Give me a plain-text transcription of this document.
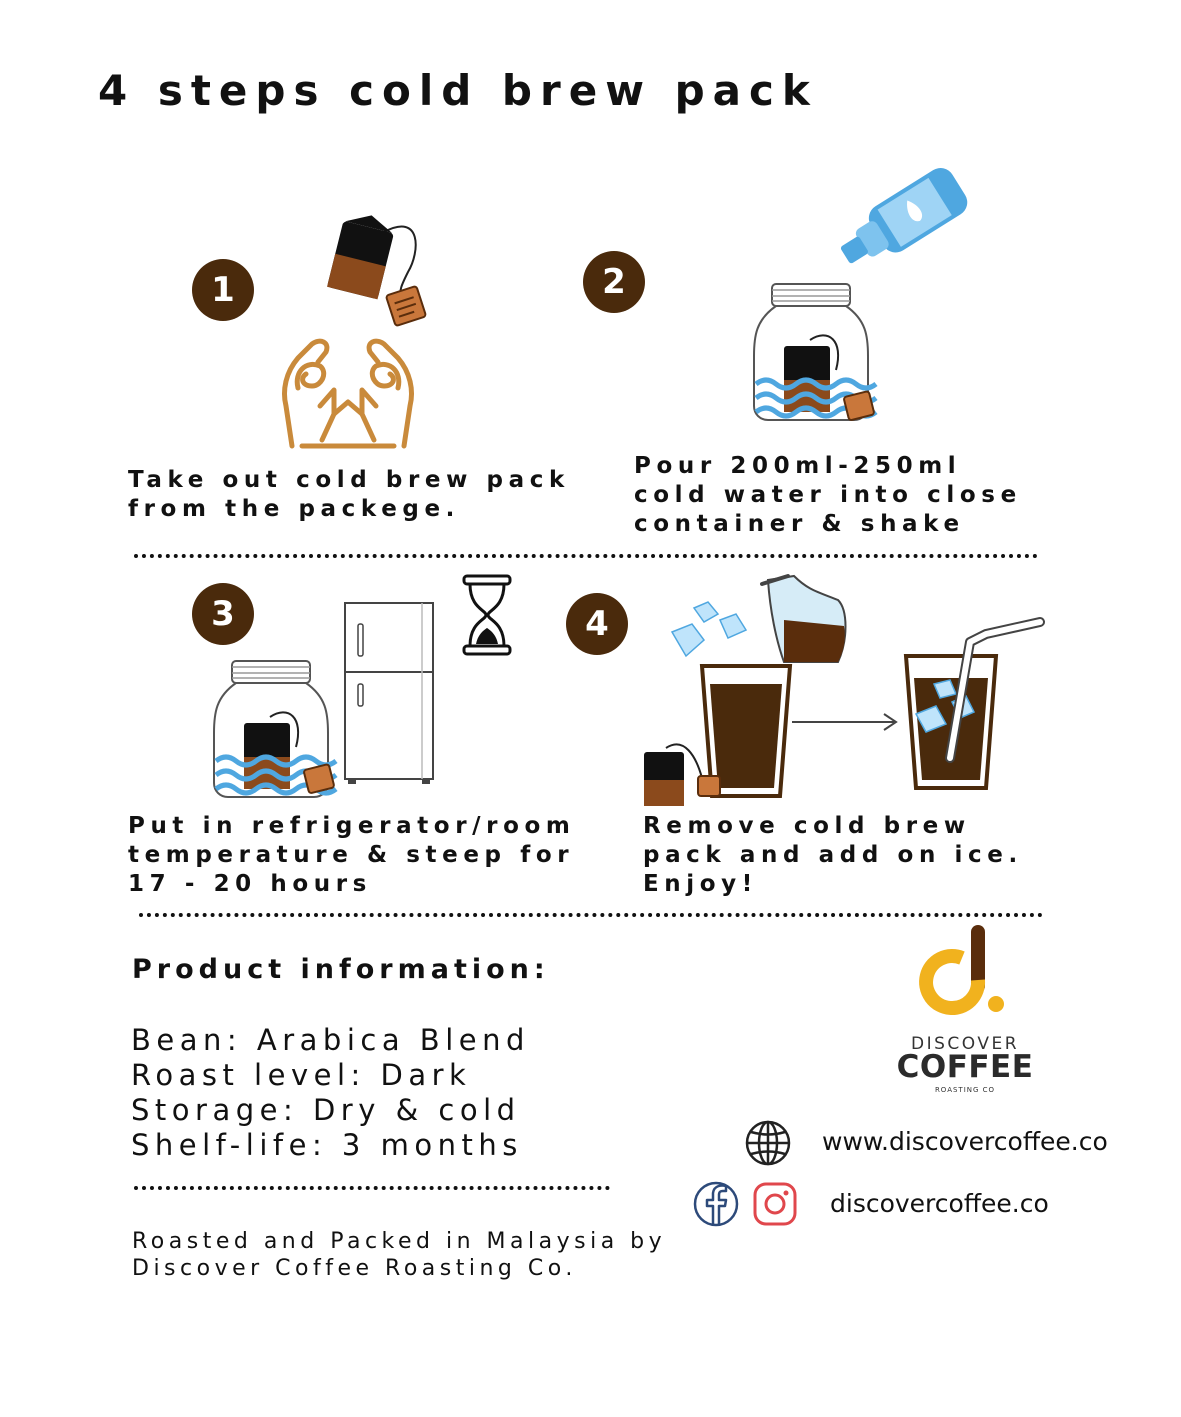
4 steps cold brew pack
1
Take out cold brew pack
from the packege.
2
Pour 200ml-250ml
cold water into close
container & shake
3
Put in refrigerator/room
temperature & steep for
17 - 20 hours
4
Remove cold brew
pack and add on ice.
Enjoy!
Product information:
Bean: Arabica Blend
Roast level: Dark
Storage: Dry & cold
Shelf-life: 3 months
Roasted and Packed in Malaysia by
Discover Coffee Roasting Co.
DISCOVER
COFFEE
ROASTING CO
www.discovercoffee.co
discovercoffee.co
